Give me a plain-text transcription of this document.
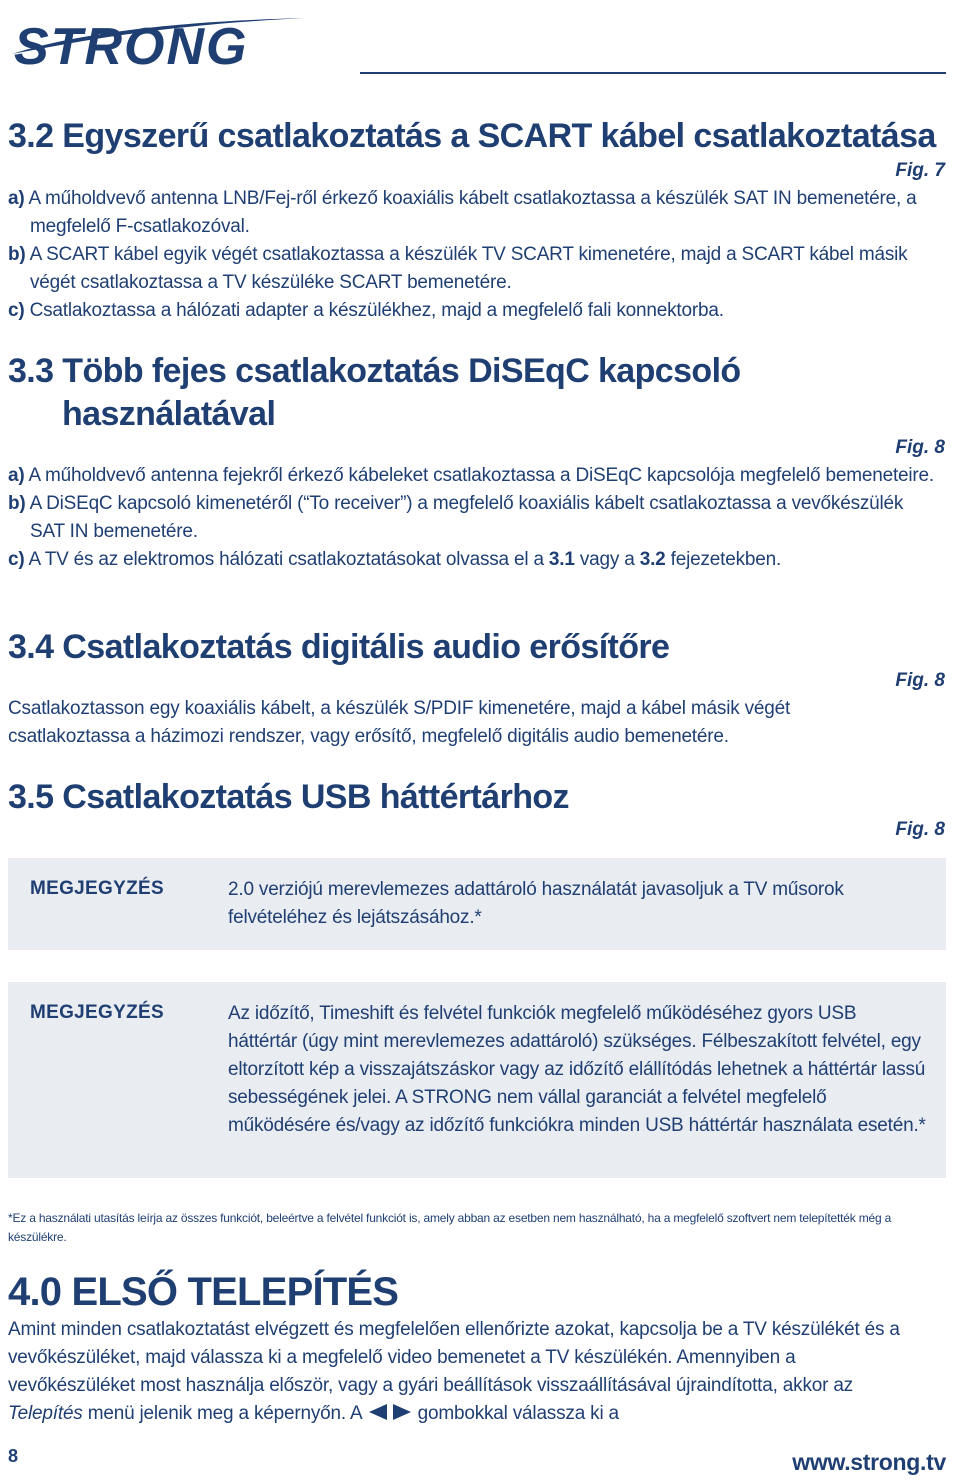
STRONG
3.2 Egyszerű csatlakoztatás a SCART kábel csatlakoztatása
Fig. 7

a) A műholdvevő antenna LNB/Fej-ről érkező koaxiális kábelt csatlakoztassa a készülék SAT IN bemenetére, a megfelelő F-csatlakozóval.

b) A SCART kábel egyik végét csatlakoztassa a készülék TV SCART kimenetére, majd a SCART kábel másik végét csatlakoztassa a TV készüléke SCART bemenetére.

c) Csatlakoztassa a hálózati adapter a készülékhez, majd a megfelelő fali konnektorba.

3.3 Több fejes csatlakoztatás DiSEqC kapcsoló
használatával
Fig. 8

a) A műholdvevő antenna fejekről érkező kábeleket csatlakoztassa a DiSEqC kapcsolója megfelelő bemeneteire.

b) A DiSEqC kapcsoló kimenetéről (“To receiver”) a megfelelő koaxiális kábelt csatlakoztassa a vevőkészülék SAT IN bemenetére.

c) A TV és az elektromos hálózati csatlakoztatásokat olvassa el a 3.1 vagy a 3.2 fejezetekben.

3.4 Csatlakoztatás digitális audio erősítőre
Fig. 8
Csatlakoztasson egy koaxiális kábelt, a készülék S/PDIF kimenetére, majd a kábel másik végét csatlakoztassa a házimozi rendszer, vagy erősítő, megfelelő digitális audio bemenetére.
3.5 Csatlakoztatás USB háttértárhoz
Fig. 8
MEGJEGYZÉS	2.0 verziójú merevlemezes adattároló használatát javasoljuk a TV műsorok felvételéhez és lejátszásához.*
MEGJEGYZÉS	Az időzítő, Timeshift és felvétel funkciók megfelelő működéséhez gyors USB háttértár (úgy mint merevlemezes adattároló) szükséges. Félbeszakított felvétel, egy eltorzított kép a visszajátszáskor vagy az időzítő elállítódás lehetnek a háttértár lassú sebességének jelei. A STRONG nem vállal garanciát a felvétel megfelelő működésére és/vagy az időzítő funkciókra minden USB háttértár használata esetén.*
*Ez a használati utasítás leírja az összes funkciót, beleértve a felvétel funkciót is, amely abban az esetben nem használható, ha a megfelelő szoftvert nem telepítették még a készülékre.
4.0 ELSŐ TELEPÍTÉS
Amint minden csatlakoztatást elvégzett és megfelelően ellenőrizte azokat, kapcsolja be a TV készülékét és a vevőkészüléket, majd válassza ki a megfelelő video bemenetet a TV készülékén. Amennyiben a vevőkészüléket most használja először, vagy a gyári beállítások visszaállításával újraindította, akkor az Telepítés menü jelenik meg a képernyőn. A	gombokkal válassza ki a
8	www.strong.tv
